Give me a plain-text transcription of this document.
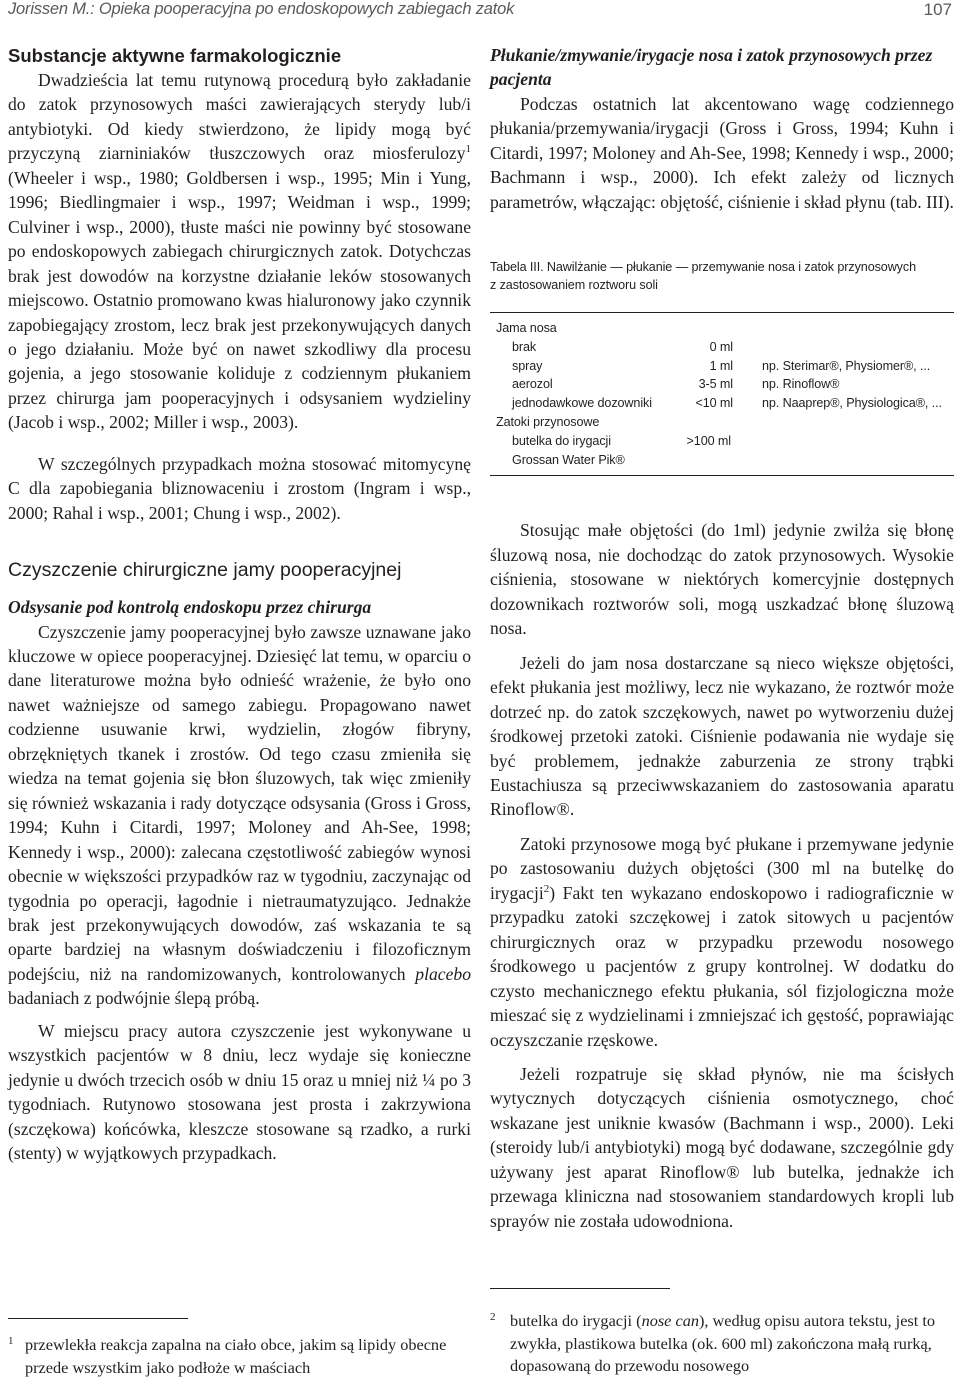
Jorissen M.: Opieka pooperacyjna po endoskopowych zabiegach zatok	107
Substancje aktywne farmakologicznie

Dwadzieścia lat temu rutynową procedurą było zakładanie do zatok przynosowych maści zawierających sterydy lub/i antybiotyki. Od kiedy stwierdzono, że lipidy mogą być przyczyną ziarniniaków tłuszczowych oraz miosferulozy$^1$ (Wheeler i wsp., 1980; Goldbersen i wsp., 1995; Min i Yung, 1996; Biedlingmaier i wsp., 1997; Weidman i wsp., 1999; Culviner i wsp., 2000), tłuste maści nie powinny być stosowane po endoskopowych zabiegach chirurgicznych zatok. Dotychczas brak jest dowodów na korzystne działanie leków stosowanych miejscowo. Ostatnio promowano kwas hialuronowy jako czynnik zapobiegający zrostom, lecz brak jest przekonywujących danych o jego działaniu. Może być on nawet szkodliwy dla procesu gojenia, a jego stosowanie koliduje z codziennym płukaniem przez chirurga jam pooperacyjnych i odsysaniem wydzieliny (Jacob i wsp., 2002; Miller i wsp., 2003).

W szczególnych przypadkach można stosować mitomycynę C dla zapobiegania bliznowaceniu i zrostom (Ingram i wsp., 2000; Rahal i wsp., 2001; Chung i wsp., 2002).

Czyszczenie chirurgiczne jamy pooperacyjnej
Odsysanie pod kontrolą endoskopu przez chirurga

Czyszczenie jamy pooperacyjnej było zawsze uznawane jako kluczowe w opiece pooperacyjnej. Dziesięć lat temu, w oparciu o dane literaturowe można było odnieść wrażenie, że było ono nawet ważniejsze od samego zabiegu. Propagowano nawet codzienne usuwanie krwi, wydzielin, złogów fibryny, obrzękniętych tkanek i zrostów. Od tego czasu zmieniła się wiedza na temat gojenia się błon śluzowych, tak więc zmieniły się również wskazania i rady dotyczące odsysania (Gross i Gross, 1994; Kuhn i Citardi, 1997; Moloney and Ah-See, 1998; Kennedy i wsp., 2000): zalecana częstotliwość zabiegów wynosi obecnie w większości przypadków raz w tygodniu, zaczynając od tygodnia po operacji, łagodnie i nietraumatyzująco. Jednakże brak jest przekonywujących dowodów, zaś wskazania te są oparte bardziej na własnym doświadczeniu i filozoficznym podejściu, niż na randomizowanych, kontrolowanych placebo badaniach z podwójnie ślepą próbą.

W miejscu pracy autora czyszczenie jest wykonywane u wszystkich pacjentów w 8 dniu, lecz wydaje się konieczne jedynie u dwóch trzecich osób w dniu 15 oraz u mniej niż ¼ po 3 tygodniach. Rutynowo stosowana jest prosta i zakrzywiona (szczękowa) końcówka, kleszcze stosowane są rzadko, a rurki (stenty) w wyjątkowych przypadkach.

1 przewlekła reakcja zapalna na ciało obce, jakim są lipidy obecne przede wszystkim jako podłoże w maściach
Płukanie/zmywanie/irygacje nosa i zatok przynosowych przez pacjenta

Podczas ostatnich lat akcentowano wagę codziennego płukania/przemywania/irygacji (Gross i Gross, 1994; Kuhn i Citardi, 1997; Moloney and Ah-See, 1998; Kennedy i wsp., 2000; Bachmann i wsp., 2000). Ich efekt zależy od licznych parametrów, włączając: objętość, ciśnienie i skład płynu (tab. III).

Tabela III. Nawilżanie — płukanie — przemywanie nosa i zatok przynosowych
z zastosowaniem roztworu soli
Jama nosa
brak	0 ml
spray	1 ml np. Sterimar®, Physiomer®, ...
aerozol	3-5 ml np. Rinoflow®
jednodawkowe dozowniki	<10 ml np. Naaprep®, Physiologica®, ...
Zatoki przynosowe
butelka do irygacji	>100 ml
Grossan Water Pik®

Stosując małe objętości (do 1ml) jedynie zwilża się błonę śluzową nosa, nie dochodząc do zatok przynosowych. Wysokie ciśnienia, stosowane w niektórych komercyjnie dostępnych dozownikach roztworów soli, mogą uszkadzać błonę śluzową nosa.

Jeżeli do jam nosa dostarczane są nieco większe objętości, efekt płukania jest możliwy, lecz nie wykazano, że roztwór może dotrzeć np. do zatok szczękowych, nawet po wytworzeniu dużej środkowej przetoki zatoki. Ciśnienie podawania nie wydaje się być problemem, jednakże zaburzenia ze strony trąbki Eustachiusza są przeciwwskazaniem do zastosowania aparatu Rinoflow®.

Zatoki przynosowe mogą być płukane i przemywane jedynie po zastosowaniu dużych objętości (300 ml na butelkę do irygacji$^2$) Fakt ten wykazano endoskopowo i radiograficznie w przypadku zatoki szczękowej i zatok sitowych u pacjentów chirurgicznych oraz w przypadku przewodu nosowego środkowego u pacjentów z grupy kontrolnej. W dodatku do czysto mechanicznego efektu płukania, sól fizjologiczna może mieszać się z wydzielinami i zmniejszać ich gęstość, poprawiając oczyszczanie rzęskowe.

Jeżeli rozpatruje się skład płynów, nie ma ścisłych wytycznych dotyczących ciśnienia osmotycznego, choć wskazane jest uniknie kwasów (Bachmann i wsp., 2000). Leki (steroidy lub/i antybiotyki) mogą być dodawane, szczególnie gdy używany jest aparat Rinoflow® lub butelka, jednakże ich przewaga kliniczna nad stosowaniem standardowych kropli lub sprayów nie została udowodniona.

2 butelka do irygacji (nose can), według opisu autora tekstu, jest to zwykła, plastikowa butelka (ok. 600 ml) zakończona małą rurką, dopasowaną do przewodu nosowego
